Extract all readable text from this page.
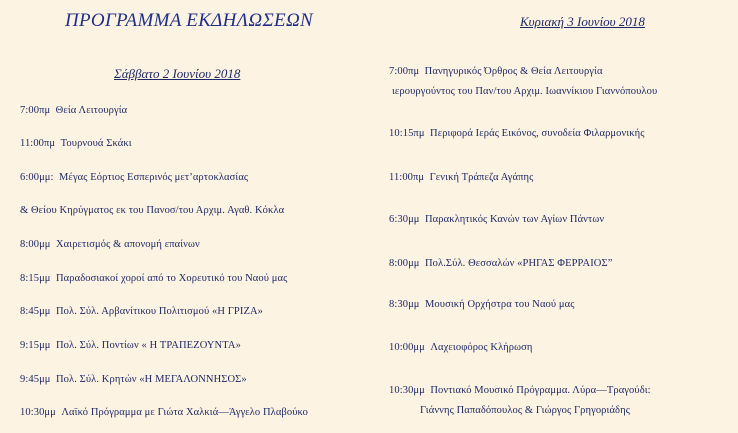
ΠΡΟΓΡΑΜΜΑ ΕΚΔΗΛΩΣΕΩΝ
Σάββατο 2 Ιουνίου 2018
Κυριακή 3 Ιουνίου 2018
7:00πμ Θεία Λειτουργία
11:00πμ Τουρνουά Σκάκι
6:00μμ: Μέγας Εόρτιος Εσπερινός μετ’αρτοκλασίας
& Θείου Κηρύγματος εκ του Πανοσ/του Αρχιμ. Αγαθ. Κόκλα
8:00μμ Χαιρετισμός & απονομή επαίνων
8:15μμ Παραδοσιακοί χοροί από το Χορευτικό του Ναού μας
8:45μμ Πολ. Σύλ. Αρβανίτικου Πολιτισμού «Η ΓΡΙΖΑ»
9:15μμ Πολ. Σύλ. Ποντίων « Η ΤΡΑΠΕΖΟΥΝΤΑ»
9:45μμ Πολ. Σύλ. Κρητών «Η ΜΕΓΑΛΟΝΝΗΣΟΣ»
10:30μμ Λαϊκό Πρόγραμμα με Γιώτα Χαλκιά—Άγγελο Πλαβούκο
7:00πμ Πανηγυρικός Όρθρος & Θεία Λειτουργία
ιερουργούντος του Παν/του Αρχιμ. Ιωαννίκιου Γιαννόπουλου
10:15πμ Περιφορά Ιεράς Εικόνος, συνοδεία Φιλαρμονικής
11:00πμ Γενική Τράπεζα Αγάπης
6:30μμ Παρακλητικός Κανών των Αγίων Πάντων
8:00μμ Πολ.Σύλ. Θεσσαλών «ΡΗΓΑΣ ΦΕΡΡΑΙΟΣ”
8:30μμ Μουσική Ορχήστρα του Ναού μας
10:00μμ Λαχειοφόρος Κλήρωση
10:30μμ Ποντιακό Μουσικό Πρόγραμμα. Λύρα—Τραγούδι:
Γιάννης Παπαδόπουλος & Γιώργος Γρηγοριάδης
